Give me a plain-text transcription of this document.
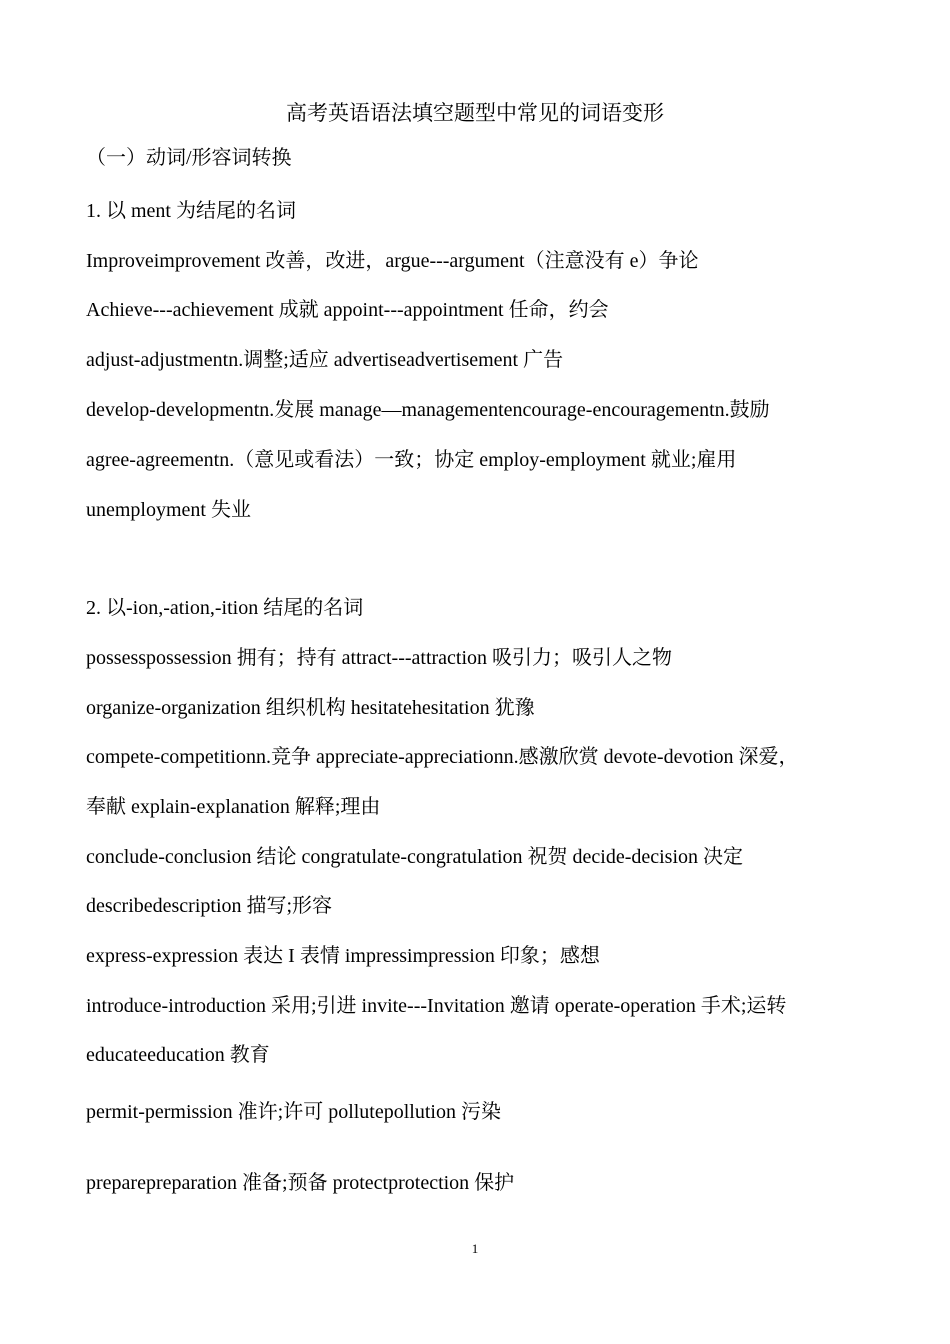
高考英语语法填空题型中常见的词语变形
（一）动词/形容词转换
1. 以 ment 为结尾的名词
Improveimprovement 改善，改进，argue---argument（注意没有 e）争论
Achieve---achievement 成就 appoint---appointment 任命，约会
adjust-adjustmentn.调整;适应 advertiseadvertisement 广告
develop-developmentn.发展 manage—managementencourage-encouragementn.鼓励
agree-agreementn.（意见或看法）一致；协定 employ-employment 就业;雇用
unemployment 失业
2. 以-ion,-ation,-ition 结尾的名词
possesspossession 拥有；持有 attract---attraction 吸引力；吸引人之物
organize-organization 组织机构 hesitatehesitation 犹豫
compete-competitionn.竞争 appreciate-appreciationn.感激欣赏 devote-devotion 深爱，
奉献 explain-explanation 解释;理由
conclude-conclusion 结论 congratulate-congratulation 祝贺 decide-decision 决定
describedescription 描写;形容
express-expression 表达 I 表情 impressimpression 印象；感想
introduce-introduction 采用;引进 invite---Invitation 邀请 operate-operation 手术;运转
educateeducation 教育
permit-permission 准许;许可 pollutepollution 污染
preparepreparation 准备;预备 protectprotection 保护
1
